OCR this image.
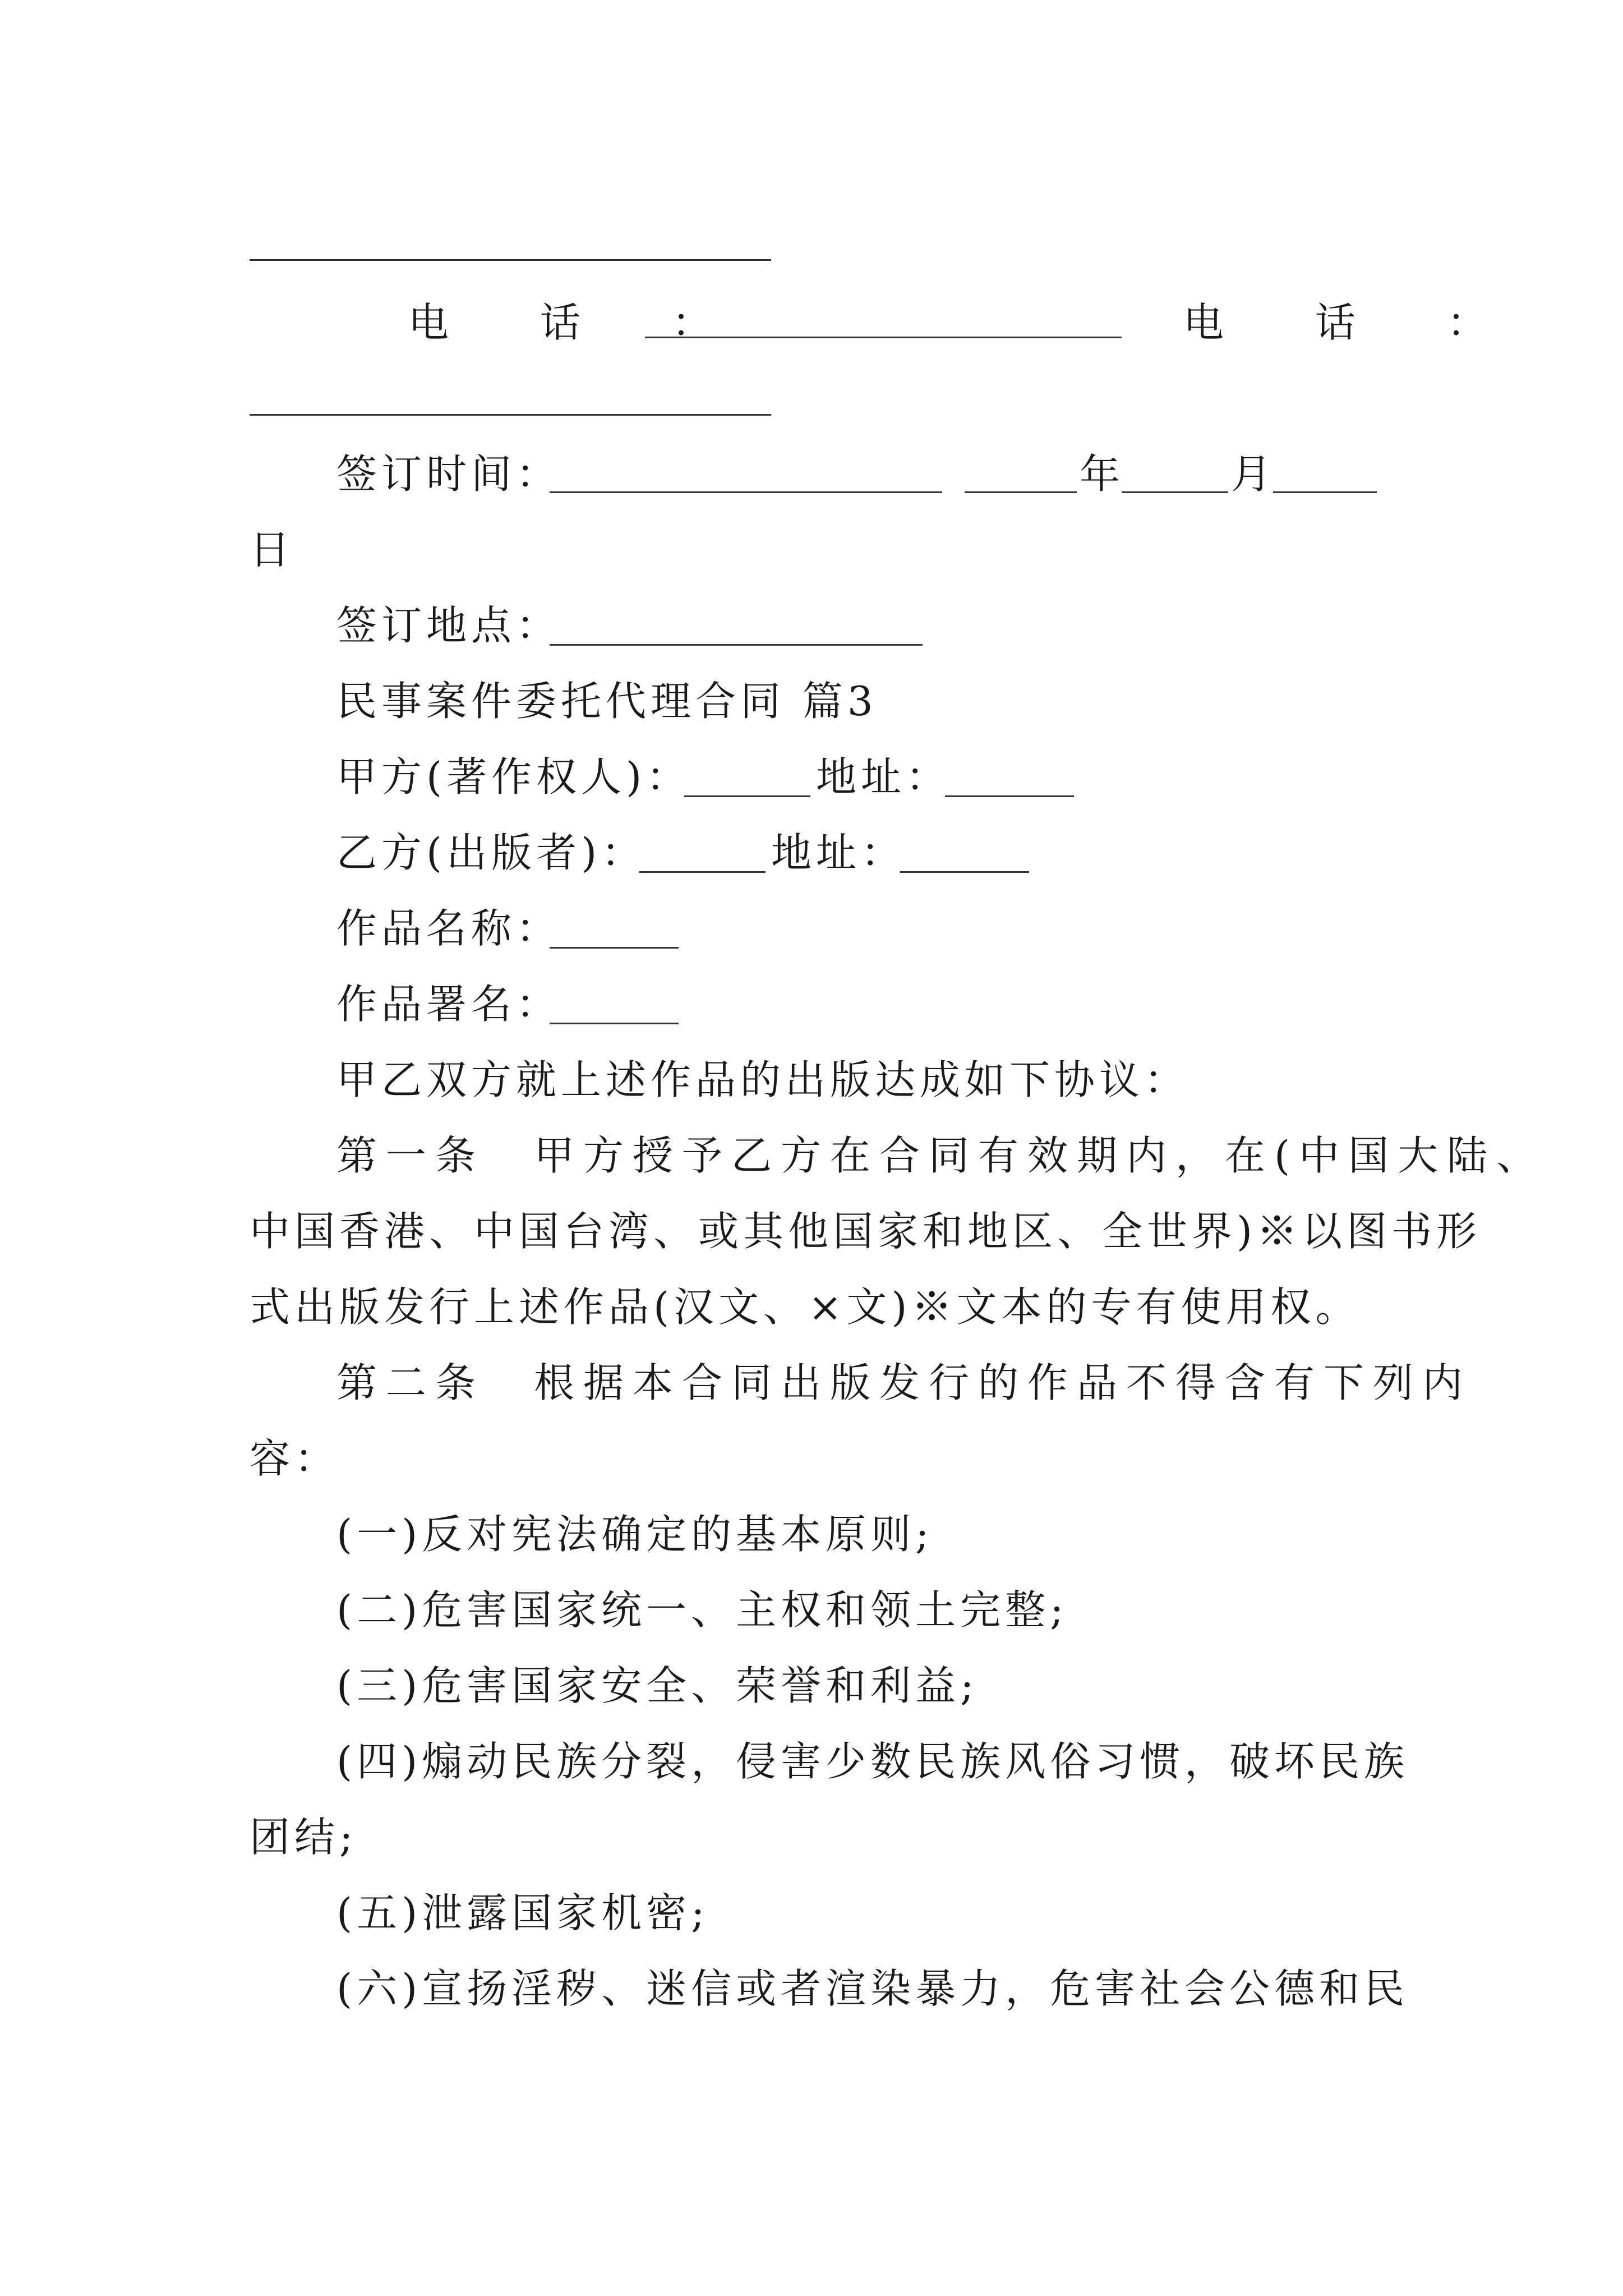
电 话 ：	电 话 ：
签订时间：	年	月
日
签订地点：
民事案件委托代理合同 篇3
甲方(著作权人)：	地址：
乙方(出版者)：	地址：
作品名称：
作品署名：
甲乙双方就上述作品的出版达成如下协议：
第一条　甲方授予乙方在合同有效期内，在(中国大陆、
中国香港、中国台湾、或其他国家和地区、全世界)※以图书形
式出版发行上述作品(汉文、×文)※文本的专有使用权。
第二条　根据本合同出版发行的作品不得含有下列内
容：
(一)反对宪法确定的基本原则;
(二)危害国家统一、主权和领土完整;
(三)危害国家安全、荣誉和利益;
(四)煽动民族分裂，侵害少数民族风俗习惯，破坏民族
团结;
(五)泄露国家机密;
(六)宣扬淫秽、迷信或者渲染暴力，危害社会公德和民
